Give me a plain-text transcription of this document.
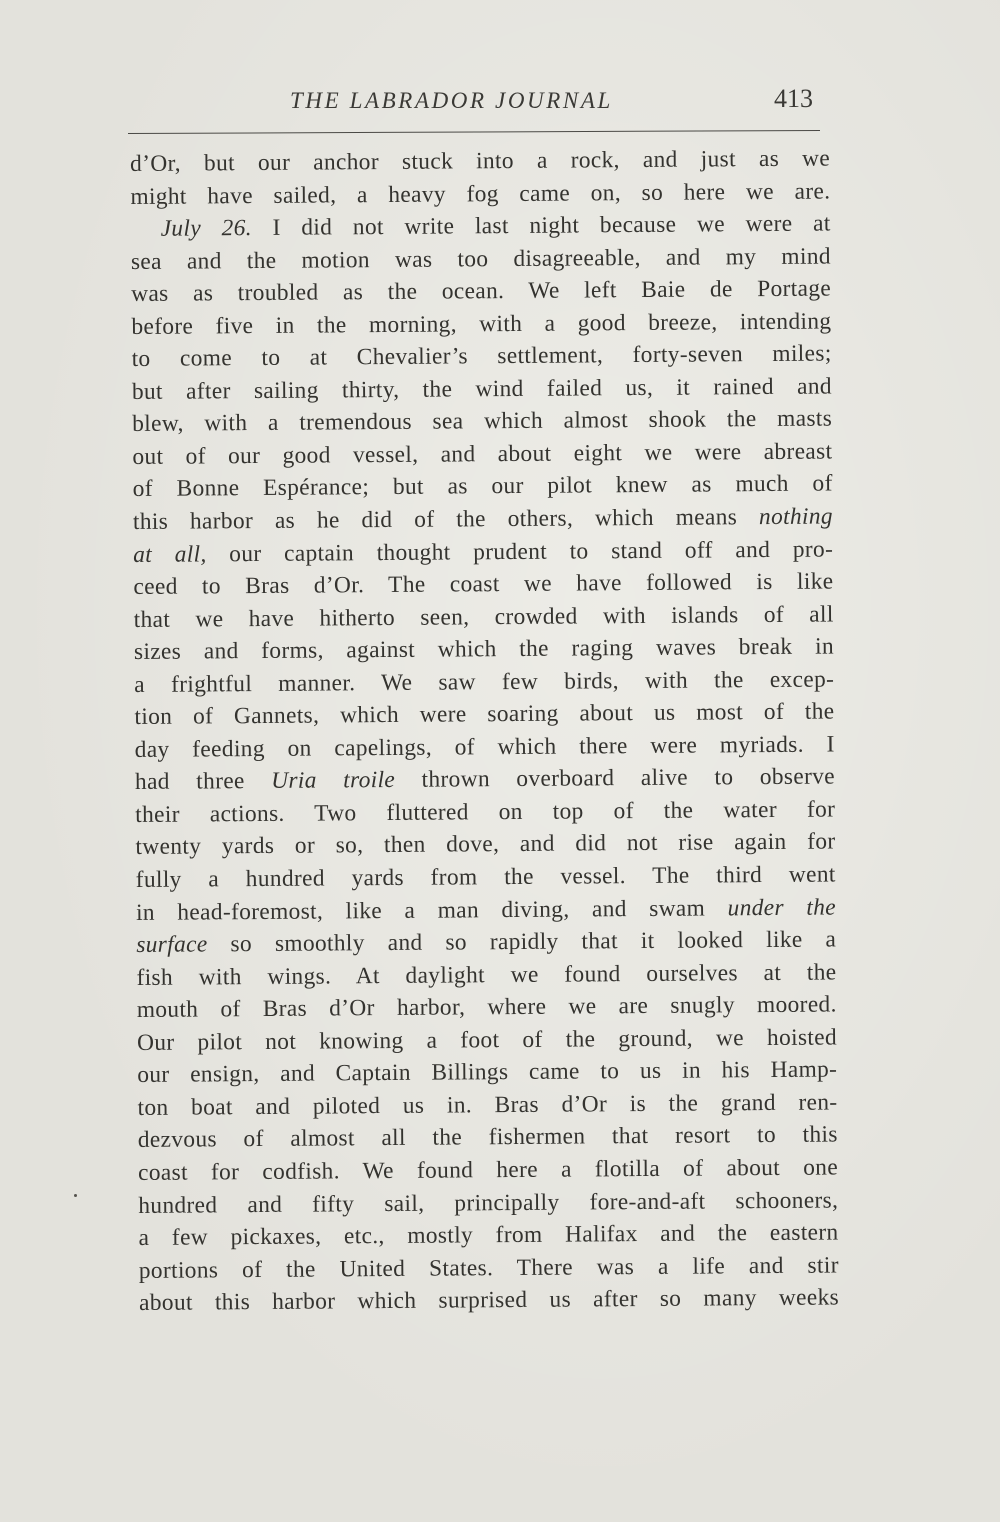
THE LABRADOR JOURNAL	413
d’Or, but our anchor stuck into a rock, and just as we
might have sailed, a heavy fog came on, so here we are.
July 26. I did not write last night because we were at
sea and the motion was too disagreeable, and my mind
was as troubled as the ocean. We left Baie de Portage
before five in the morning, with a good breeze, intending
to come to at Chevalier’s settlement, forty-seven miles;
but after sailing thirty, the wind failed us, it rained and
blew, with a tremendous sea which almost shook the masts
out of our good vessel, and about eight we were abreast
of Bonne Espérance; but as our pilot knew as much of
this harbor as he did of the others, which means nothing
at all, our captain thought prudent to stand off and pro-
ceed to Bras d’Or. The coast we have followed is like
that we have hitherto seen, crowded with islands of all
sizes and forms, against which the raging waves break in
a frightful manner. We saw few birds, with the excep-
tion of Gannets, which were soaring about us most of the
day feeding on capelings, of which there were myriads. I
had three Uria troile thrown overboard alive to observe
their actions. Two fluttered on top of the water for
twenty yards or so, then dove, and did not rise again for
fully a hundred yards from the vessel. The third went
in head-foremost, like a man diving, and swam under the
surface so smoothly and so rapidly that it looked like a
fish with wings. At daylight we found ourselves at the
mouth of Bras d’Or harbor, where we are snugly moored.
Our pilot not knowing a foot of the ground, we hoisted
our ensign, and Captain Billings came to us in his Hamp-
ton boat and piloted us in. Bras d’Or is the grand ren-
dezvous of almost all the fishermen that resort to this
coast for codfish. We found here a flotilla of about one
hundred and fifty sail, principally fore-and-aft schooners,
a few pickaxes, etc., mostly from Halifax and the eastern
portions of the United States. There was a life and stir
about this harbor which surprised us after so many weeks
